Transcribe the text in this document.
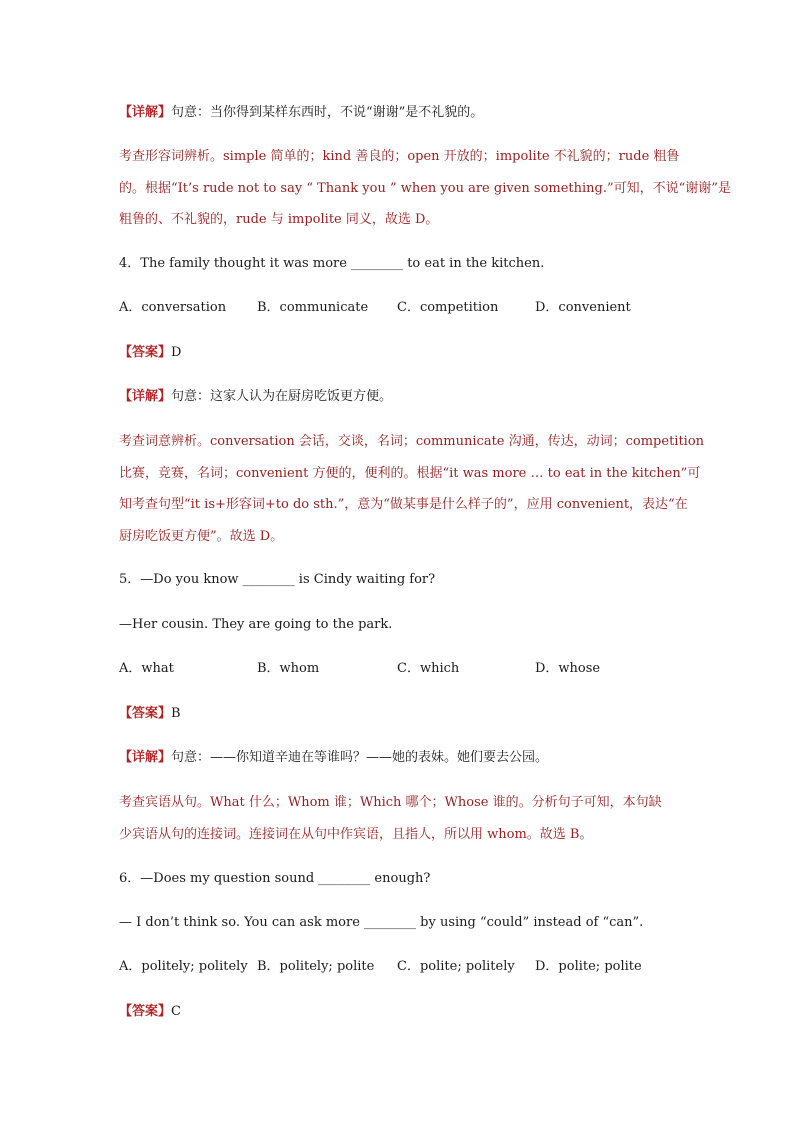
【详解】句意：当你得到某样东西时，不说“谢谢”是不礼貌的。
考查形容词辨析。simple 简单的；kind 善良的；open 开放的；impolite 不礼貌的；rude 粗鲁
的。根据“It’s rude not to say “ Thank you ” when you are given something.”可知，不说“谢谢”是
粗鲁的、不礼貌的，rude 与 impolite 同义，故选 D。
4．The family thought it was more ________ to eat in the kitchen.
A．conversation B．communicate C．competition	D．convenient
【答案】D
【详解】句意：这家人认为在厨房吃饭更方便。
考查词意辨析。conversation 会话，交谈，名词；communicate 沟通，传达，动词；competition
比赛，竞赛，名词；convenient 方便的，便利的。根据“it was more … to eat in the kitchen”可
知考查句型“it is+形容词+to do sth.”，意为“做某事是什么样子的”，应用 convenient，表达“在
厨房吃饭更方便”。故选 D。
5．—Do you know ________ is Cindy waiting for?
—Her cousin. They are going to the park.
A．what	B．whom	C．which	D．whose
【答案】B
【详解】句意：——你知道辛迪在等谁吗？——她的表妹。她们要去公园。
考查宾语从句。What 什么；Whom 谁；Which 哪个；Whose 谁的。分析句子可知，本句缺
少宾语从句的连接词。连接词在从句中作宾语，且指人，所以用 whom。故选 B。
6．—Does my question sound ________ enough?
— I don’t think so. You can ask more ________ by using “could” instead of “can”.
A．politely; politely B．politely; polite C．polite; politely D．polite; polite
【答案】C
